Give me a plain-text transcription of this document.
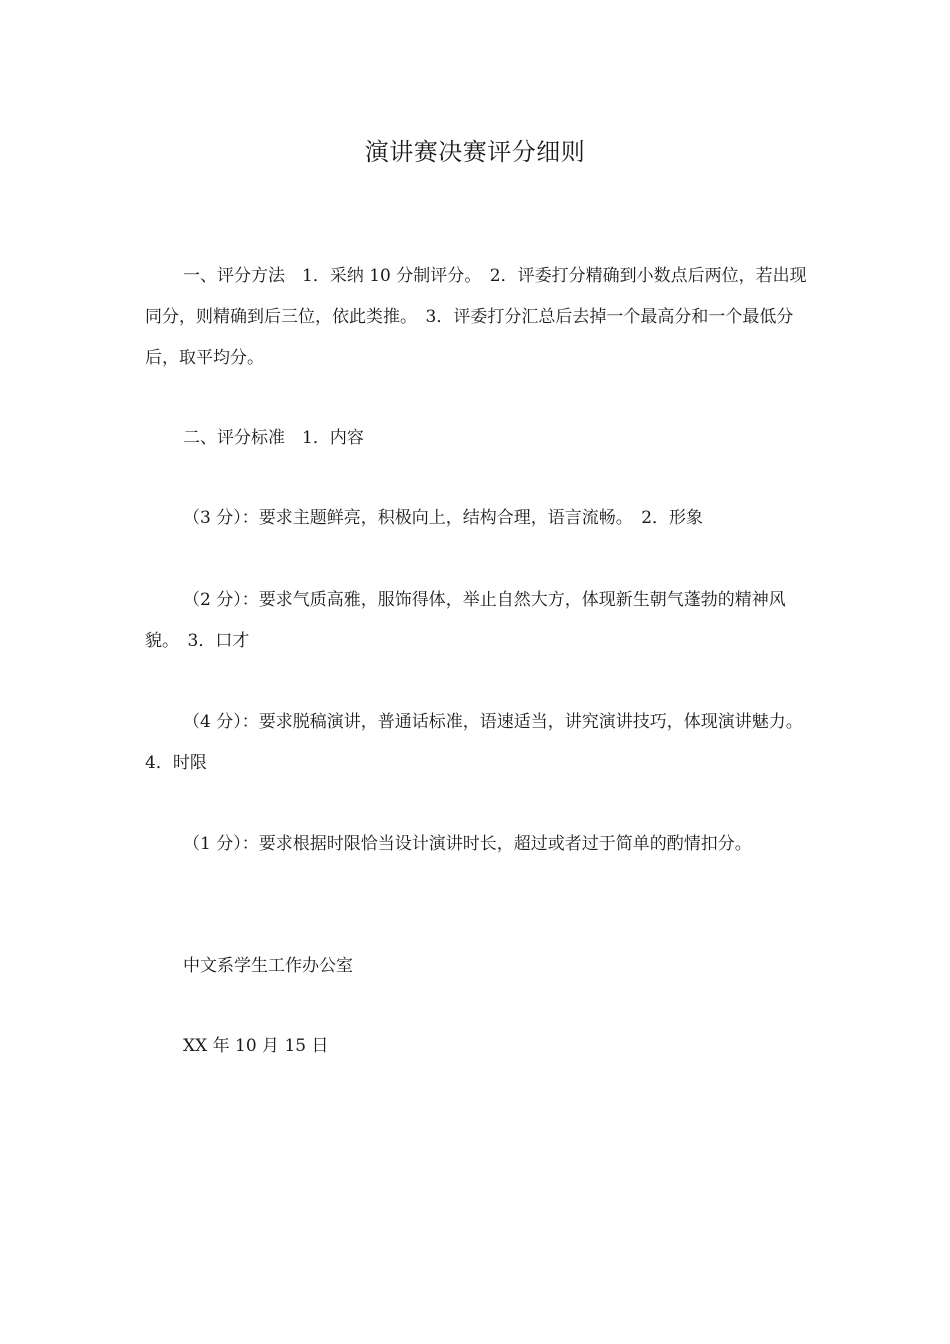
演讲赛决赛评分细则

一、评分方法　1．采纳 10 分制评分。　2．评委打分精确到小数点后两位，若出现同分，则精确到后三位，依此类推。　3．评委打分汇总后去掉一个最高分和一个最低分后，取平均分。

二、评分标准　1．内容

（3 分）：要求主题鲜亮，积极向上，结构合理，语言流畅。　2．形象

（2 分）：要求气质高雅，服饰得体，举止自然大方，体现新生朝气蓬勃的精神风貌。　3．口才

（4 分）：要求脱稿演讲，普通话标准，语速适当，讲究演讲技巧，体现演讲魅力。　4．时限

（1 分）：要求根据时限恰当设计演讲时长，超过或者过于简单的酌情扣分。

中文系学生工作办公室

XX 年 10 月 15 日
